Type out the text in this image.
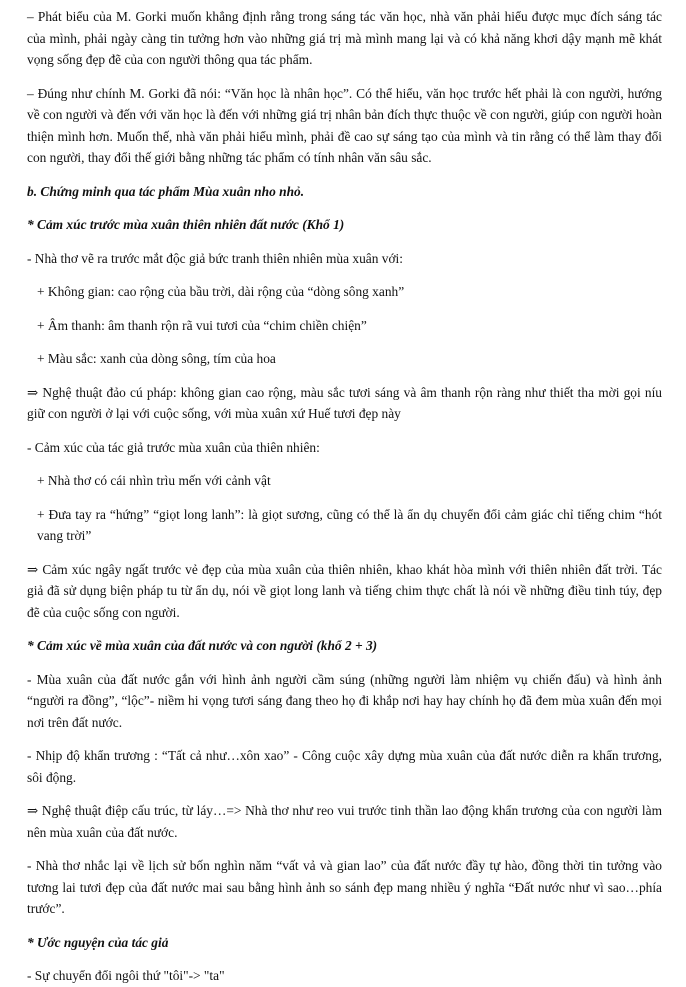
– Phát biểu của M. Gorki muốn khẳng định rằng trong sáng tác văn học, nhà văn phải hiểu được mục đích sáng tác của mình, phải ngày càng tin tưởng hơn vào những giá trị mà mình mang lại và có khả năng khơi dậy mạnh mẽ khát vọng sống đẹp đẽ của con người thông qua tác phẩm.

– Đúng như chính M. Gorki đã nói: “Văn học là nhân học”. Có thể hiểu, văn học trước hết phải là con người, hướng về con người và đến với văn học là đến với những giá trị nhân bản đích thực thuộc về con người, giúp con người hoàn thiện mình hơn. Muốn thế, nhà văn phải hiểu mình, phải đề cao sự sáng tạo của mình và tin rằng có thể làm thay đổi con người, thay đổi thế giới bằng những tác phẩm có tính nhân văn sâu sắc.

b. Chứng minh qua tác phẩm Mùa xuân nho nhỏ.

* Cảm xúc trước mùa xuân thiên nhiên đất nước (Khổ 1)

- Nhà thơ vẽ ra trước mắt độc giả bức tranh thiên nhiên mùa xuân với:

+ Không gian: cao rộng của bầu trời, dài rộng của “dòng sông xanh”

+ Âm thanh: âm thanh rộn rã vui tươi của “chim chiền chiện”

+ Màu sắc: xanh của dòng sông, tím của hoa

⇒ Nghệ thuật đảo cú pháp: không gian cao rộng, màu sắc tươi sáng và âm thanh rộn ràng như thiết tha mời gọi níu giữ con người ở lại với cuộc sống, với mùa xuân xứ Huế tươi đẹp này

- Cảm xúc của tác giả trước mùa xuân của thiên nhiên:

+ Nhà thơ có cái nhìn trìu mến với cảnh vật

+ Đưa tay ra “hứng” “giọt long lanh”: là giọt sương, cũng có thể là ẩn dụ chuyển đổi cảm giác chỉ tiếng chim “hót vang trời”

⇒ Cảm xúc ngây ngất trước vẻ đẹp của mùa xuân của thiên nhiên, khao khát hòa mình với thiên nhiên đất trời. Tác giả đã sử dụng biện pháp tu từ ẩn dụ, nói về giọt long lanh và tiếng chim thực chất là nói về những điều tinh túy, đẹp đẽ của cuộc sống con người.

* Cảm xúc về mùa xuân của đất nước và con người (khổ 2 + 3)

- Mùa xuân của đất nước gắn với hình ảnh người cầm súng (những người làm nhiệm vụ chiến đấu) và hình ảnh “người ra đồng”, “lộc”- niềm hi vọng tươi sáng đang theo họ đi khắp nơi hay hay chính họ đã đem mùa xuân đến mọi nơi trên đất nước.

- Nhịp độ khẩn trương : “Tất cả như…xôn xao” - Công cuộc xây dựng mùa xuân của đất nước diễn ra khẩn trương, sôi động.

⇒ Nghệ thuật điệp cấu trúc, từ láy…=> Nhà thơ như reo vui trước tinh thần lao động khẩn trương của con người làm nên mùa xuân của đất nước.

- Nhà thơ nhắc lại về lịch sử bốn nghìn năm “vất vả và gian lao” của đất nước đầy tự hào, đồng thời tin tưởng vào tương lai tươi đẹp của đất nước mai sau bằng hình ảnh so sánh đẹp mang nhiều ý nghĩa “Đất nước như vì sao…phía trước”.

* Ước nguyện của tác giả

- Sự chuyển đổi ngôi thứ "tôi"-> "ta"
